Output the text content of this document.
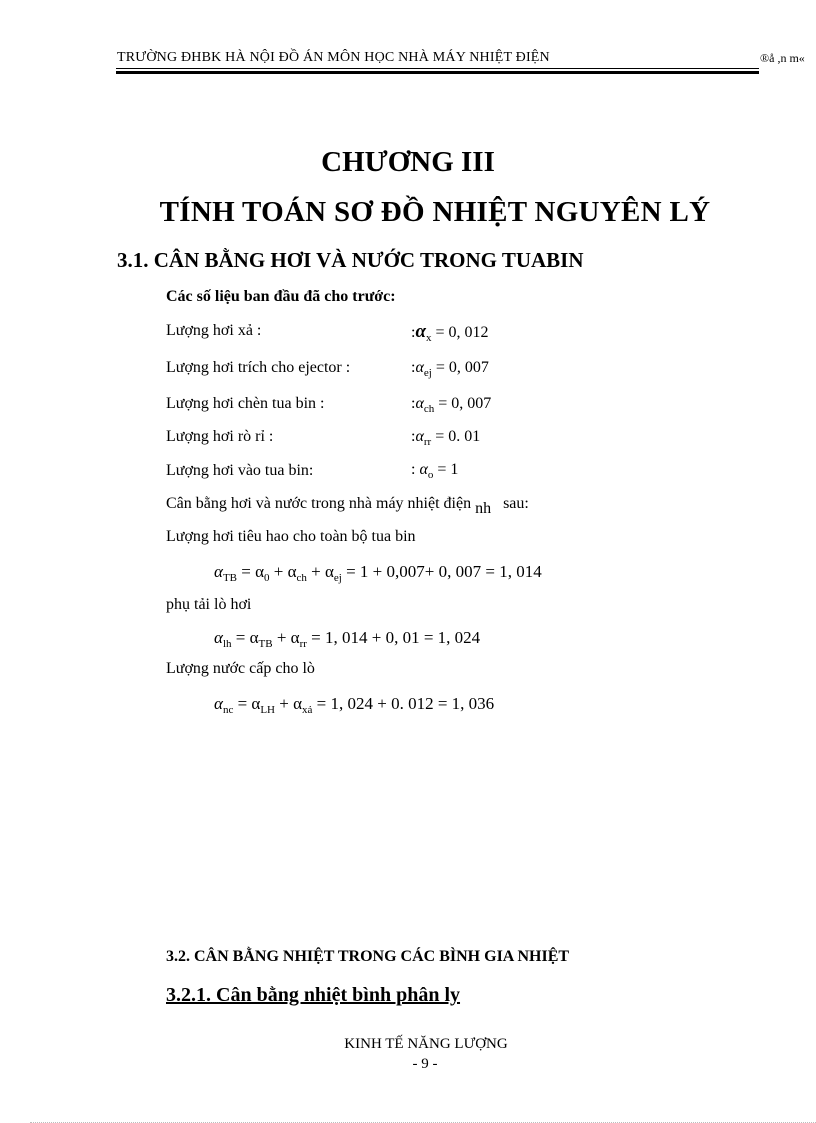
TRƯỜNG ĐHBK HÀ NỘI ĐỒ ÁN MÔN HỌC NHÀ MÁY NHIỆT ĐIỆN	®å ,n m«
CHƯƠNG III
TÍNH TOÁN SƠ ĐỒ NHIỆT NGUYÊN LÝ
3.1. CÂN BẰNG HƠI VÀ NƯỚC TRONG TUABIN
Các số liệu ban đầu đã cho trước:
Lượng hơi xả :	$:\alpha_x = 0$, 012
Lượng hơi trích cho ejector :	$:\alpha_{ej} = 0$, 007
Lượng hơi chèn tua bin :	$:\alpha_{ch} = 0$, 007
Lượng hơi rò rỉ :	$:\alpha_{rr} = 0$. 01
Lượng hơi vào tua bin:	: $\alpha_o = 1$
Cân bằng hơi và nước trong nhà máy nhiệt điện nh sau:
Lượng hơi tiêu hao cho toàn bộ tua bin
$\alpha_{TB} = \alpha_0 + \alpha_{ch} + \alpha_{ej} = 1 + 0,007+ 0$, 007 = 1, 014
phụ tải lò hơi
$\alpha_{lh} = \alpha_{TB} + \alpha_{rr} = 1$, 014 + 0, 01 = 1, 024
Lượng nước cấp cho lò
$\alpha_{nc} = \alpha_{LH} + \alpha_{xả} = 1$, 024 + 0. 012 = 1, 036
3.2. CÂN BẰNG NHIỆT TRONG CÁC BÌNH GIA NHIỆT
3.2.1. Cân bằng nhiệt bình phân ly
KINH TẾ NĂNG LƯỢNG
- 9 -
